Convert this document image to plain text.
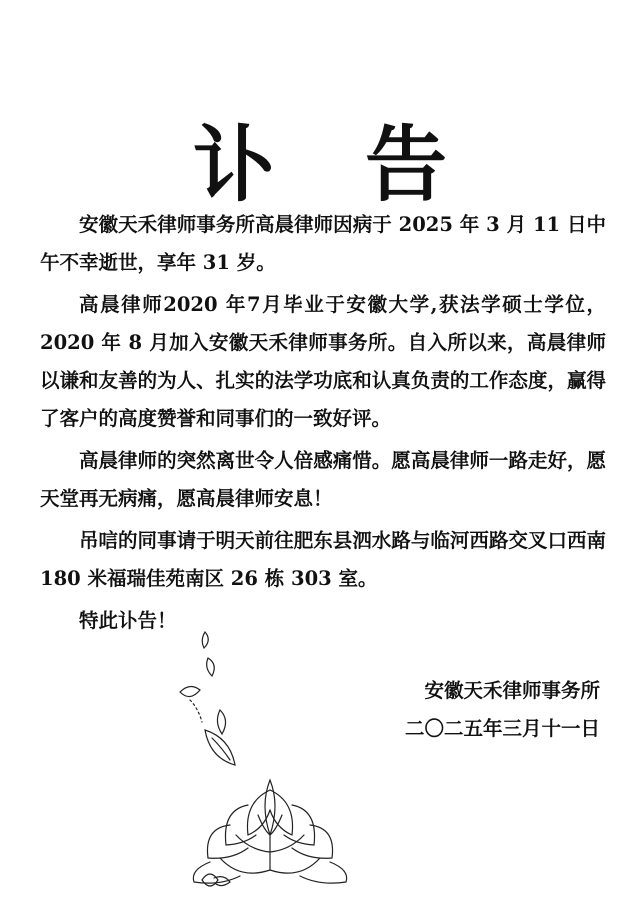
讣 告

安徽天禾律师事务所高晨律师因病于 2025 年 3 月 11 日中午不幸逝世，享年 31 岁。

高晨律师2020 年7月毕业于安徽大学,获法学硕士学位，2020 年 8 月加入安徽天禾律师事务所。自入所以来，高晨律师以谦和友善的为人、扎实的法学功底和认真负责的工作态度，赢得了客户的高度赞誉和同事们的一致好评。

高晨律师的突然离世令人倍感痛惜。愿高晨律师一路走好，愿天堂再无病痛，愿高晨律师安息！

吊唁的同事请于明天前往肥东县泗水路与临河西路交叉口西南 180 米福瑞佳苑南区 26 栋 303 室。

特此讣告！

安徽天禾律师事务所
二〇二五年三月十一日
